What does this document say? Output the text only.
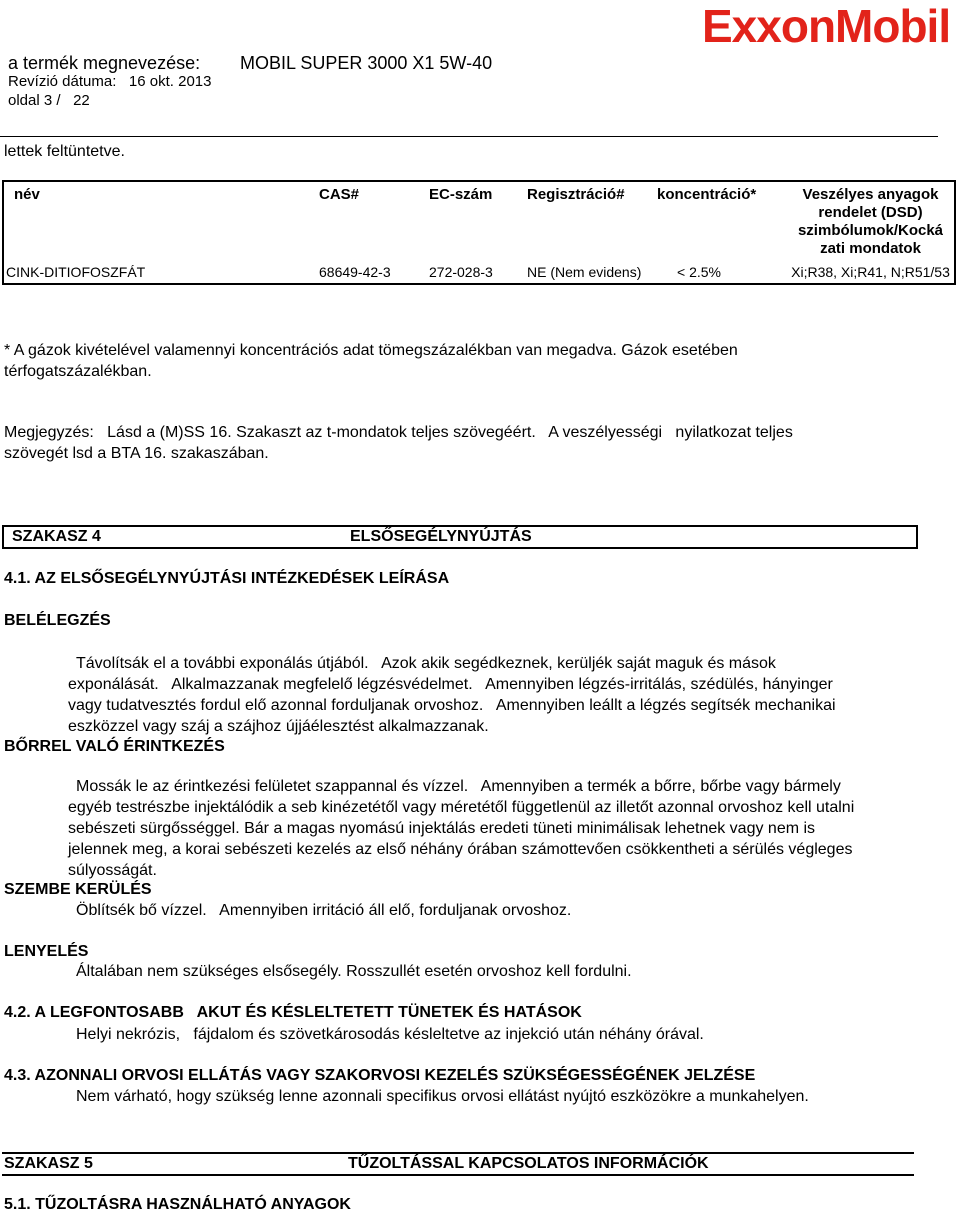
a termék megnevezése: MOBIL SUPER 3000 X1 5W-40
Revízió dátuma: 16 okt. 2013
oldal 3 / 22
ExxonMobil
lettek feltüntetve.
név	CAS#	EC-szám	Regisztráció#	koncentráció*	Veszélyes anyagok rendelet (DSD) szimbólumok/Kocká zati mondatok
CINK-DITIOFOSZFÁT	68649-42-3	272-028-3	NE (Nem evidens)	< 2.5%	Xi;R38, Xi;R41, N;R51/53
* A gázok kivételével valamennyi koncentrációs adat tömegszázalékban van megadva. Gázok esetében
térfogatszázalékban.
Megjegyzés:   Lásd a (M)SS 16. Szakaszt az t-mondatok teljes szövegéért.   A veszélyességi   nyilatkozat teljes
szövegét lsd a BTA 16. szakaszában.
SZAKASZ 4	ELSŐSEGÉLYNYÚJTÁS
4.1. AZ ELSŐSEGÉLYNYÚJTÁSI INTÉZKEDÉSEK LEÍRÁSA
BELÉLEGZÉS

Távolítsák el a további exponálás útjából.   Azok akik segédkeznek, kerüljék saját maguk és mások
exponálását.   Alkalmazzanak megfelelő légzésvédelmet.   Amennyiben légzés-irritálás, szédülés, hányinger
vagy tudatvesztés fordul elő azonnal forduljanak orvoshoz.   Amennyiben leállt a légzés segítsék mechanikai
eszközzel vagy száj a szájhoz újjáélesztést alkalmazzanak.
BŐRREL VALÓ ÉRINTKEZÉS

Mossák le az érintkezési felületet szappannal és vízzel.   Amennyiben a termék a bőrre, bőrbe vagy bármely
egyéb testrészbe injektálódik a seb kinézetétől vagy méretétől függetlenül az illetőt azonnal orvoshoz kell utalni
sebészeti sürgősséggel. Bár a magas nyomású injektálás eredeti tüneti minimálisak lehetnek vagy nem is
jelennek meg, a korai sebészeti kezelés az első néhány órában számottevően csökkentheti a sérülés végleges
súlyosságát.
SZEMBE KERÜLÉS
Öblítsék bő vízzel.   Amennyiben irritáció áll elő, forduljanak orvoshoz.
LENYELÉS
Általában nem szükséges elsősegély. Rosszullét esetén orvoshoz kell fordulni.
4.2. A LEGFONTOSABB   AKUT ÉS KÉSLELTETETT TÜNETEK ÉS HATÁSOK
Helyi nekrózis,   fájdalom és szövetkárosodás késleltetve az injekció után néhány órával.
4.3. AZONNALI ORVOSI ELLÁTÁS VAGY SZAKORVOSI KEZELÉS SZÜKSÉGESSÉGÉNEK JELZÉSE
Nem várható, hogy szükség lenne azonnali specifikus orvosi ellátást nyújtó eszközökre a munkahelyen.
SZAKASZ 5	TŰZOLTÁSSAL KAPCSOLATOS INFORMÁCIÓK
5.1. TŰZOLTÁSRA HASZNÁLHATÓ ANYAGOK
